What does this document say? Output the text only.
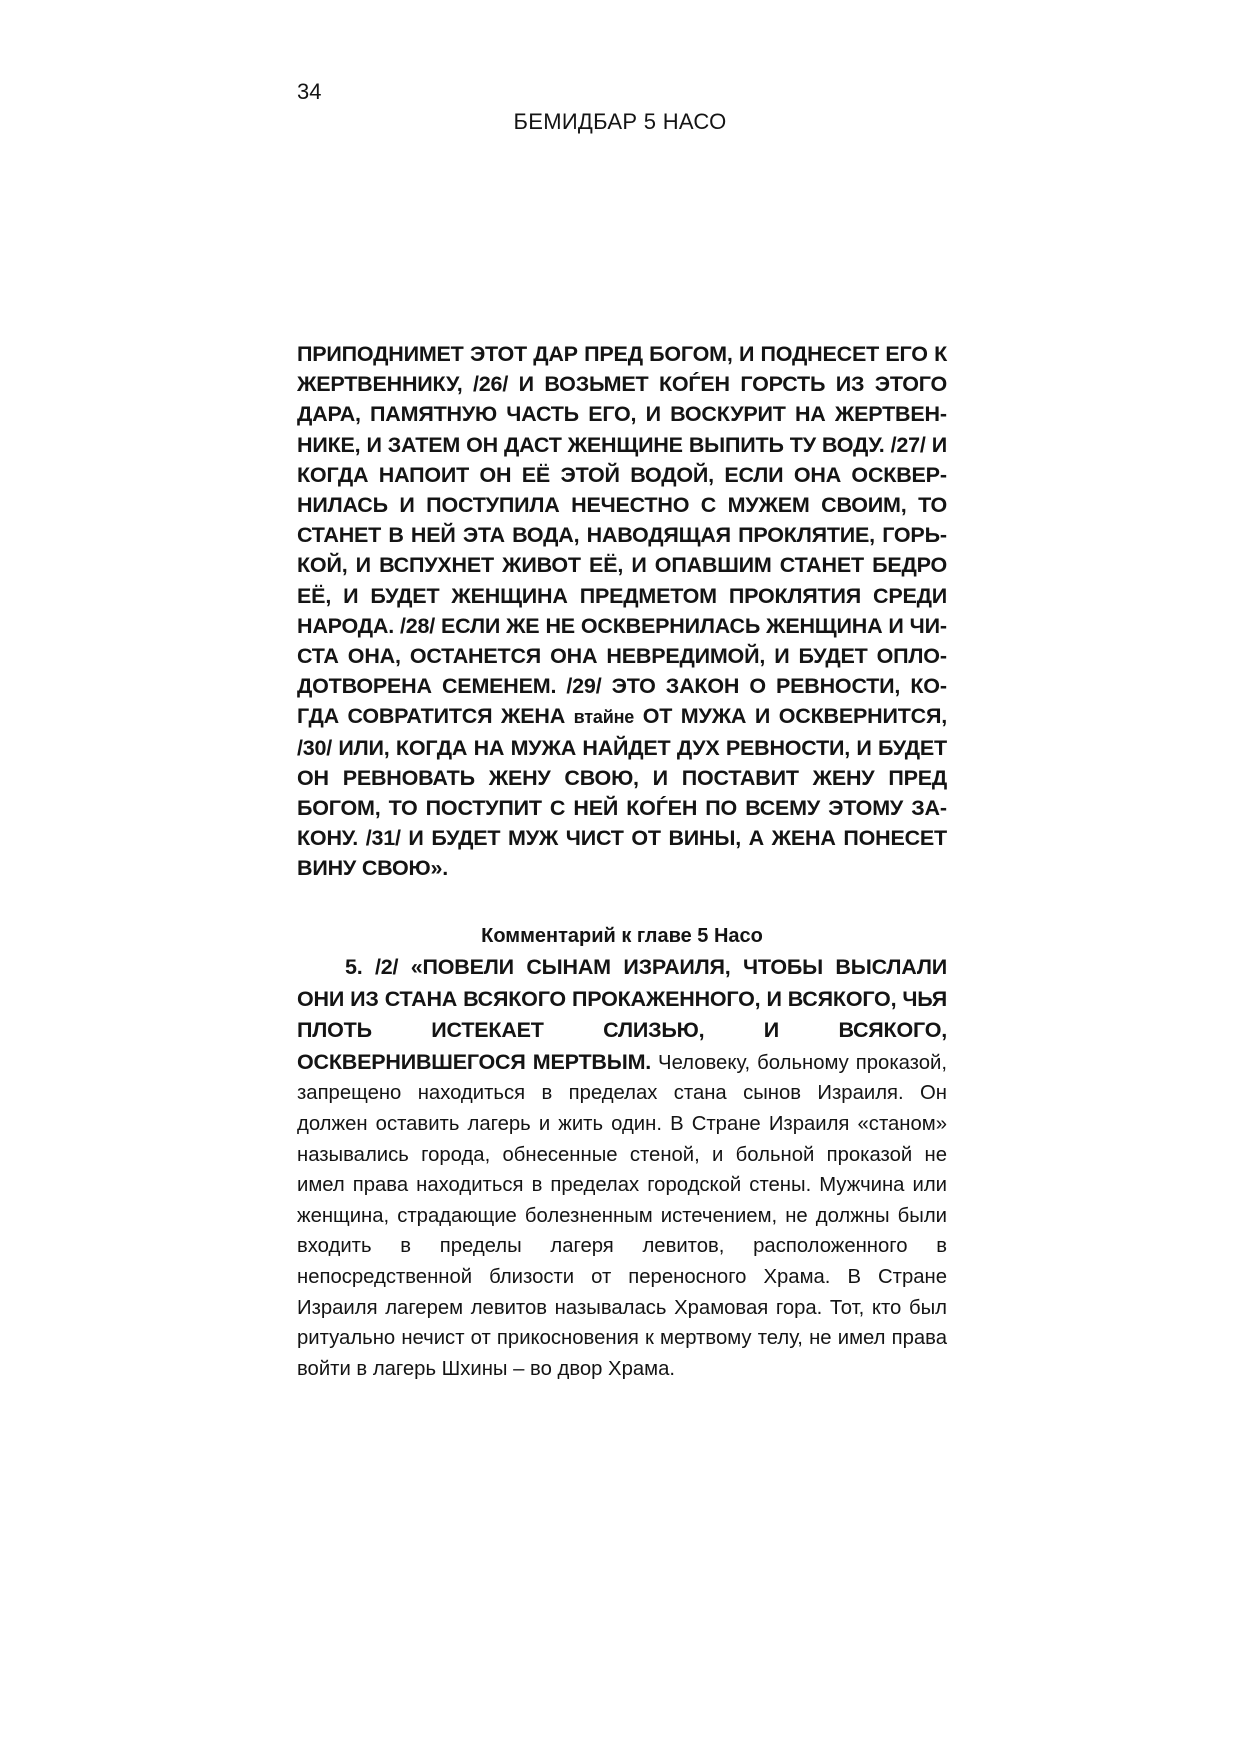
34
БЕМИДБАР 5 НАСО

ПРИПОДНИМЕТ ЭТОТ ДАР ПРЕД БОГОМ, И ПОДНЕСЕТ ЕГО К ЖЕРТВЕННИКУ, /26/ И ВОЗЬМЕТ КОЃЕН ГОРСТЬ ИЗ ЭТОГО ДАРА, ПАМЯТНУЮ ЧАСТЬ ЕГО, И ВОСКУРИТ НА ЖЕРТВЕННИКЕ, И ЗАТЕМ ОН ДАСТ ЖЕНЩИНЕ ВЫПИТЬ ТУ ВОДУ. /27/ И КОГДА НАПОИТ ОН ЕЁ ЭТОЙ ВОДОЙ, ЕСЛИ ОНА ОСКВЕРНИЛАСЬ И ПОСТУПИЛА НЕЧЕСТНО С МУЖЕМ СВОИМ, ТО СТАНЕТ В НЕЙ ЭТА ВОДА, НАВОДЯЩАЯ ПРОКЛЯТИЕ, ГОРЬКОЙ, И ВСПУХНЕТ ЖИВОТ ЕЁ, И ОПАВШИМ СТАНЕТ БЕДРО ЕЁ, И БУДЕТ ЖЕНЩИНА ПРЕДМЕТОМ ПРОКЛЯТИЯ СРЕДИ НАРОДА. /28/ ЕСЛИ ЖЕ НЕ ОСКВЕРНИЛАСЬ ЖЕНЩИНА И ЧИСТА ОНА, ОСТАНЕТСЯ ОНА НЕВРЕДИМОЙ, И БУДЕТ ОПЛОДОТВОРЕНА СЕМЕНЕМ. /29/ ЭТО ЗАКОН О РЕВНОСТИ, КОГДА СОВРАТИТСЯ ЖЕНА втайне ОТ МУЖА И ОСКВЕРНИТСЯ, /30/ ИЛИ, КОГДА НА МУЖА НАЙДЕТ ДУХ РЕВНОСТИ, И БУДЕТ ОН РЕВНОВАТЬ ЖЕНУ СВОЮ, И ПОСТАВИТ ЖЕНУ ПРЕД БОГОМ, ТО ПОСТУПИТ С НЕЙ КОЃЕН ПО ВСЕМУ ЭТОМУ ЗАКОНУ. /31/ И БУДЕТ МУЖ ЧИСТ ОТ ВИНЫ, А ЖЕНА ПОНЕСЕТ ВИНУ СВОЮ».

Комментарий к главе 5 Насо

5. /2/ «ПОВЕЛИ СЫНАМ ИЗРАИЛЯ, ЧТОБЫ ВЫСЛАЛИ ОНИ ИЗ СТАНА ВСЯКОГО ПРОКАЖЕННОГО, И ВСЯКОГО, ЧЬЯ ПЛОТЬ ИСТЕКАЕТ СЛИЗЬЮ, И ВСЯКОГО, ОСКВЕРНИВШЕГОСЯ МЕРТВЫМ. Человеку, больному проказой, запрещено находиться в пределах стана сынов Израиля. Он должен оставить лагерь и жить один. В Стране Израиля «станом» назывались города, обнесенные стеной, и больной проказой не имел права находиться в пределах городской стены. Мужчина или женщина, страдающие болезненным истечением, не должны были входить в пределы лагеря левитов, расположенного в непосредственной близости от переносного Храма. В Стране Израиля лагерем левитов называлась Храмовая гора. Тот, кто был ритуально нечист от прикосновения к мертвому телу, не имел права войти в лагерь Шхины – во двор Храма.
